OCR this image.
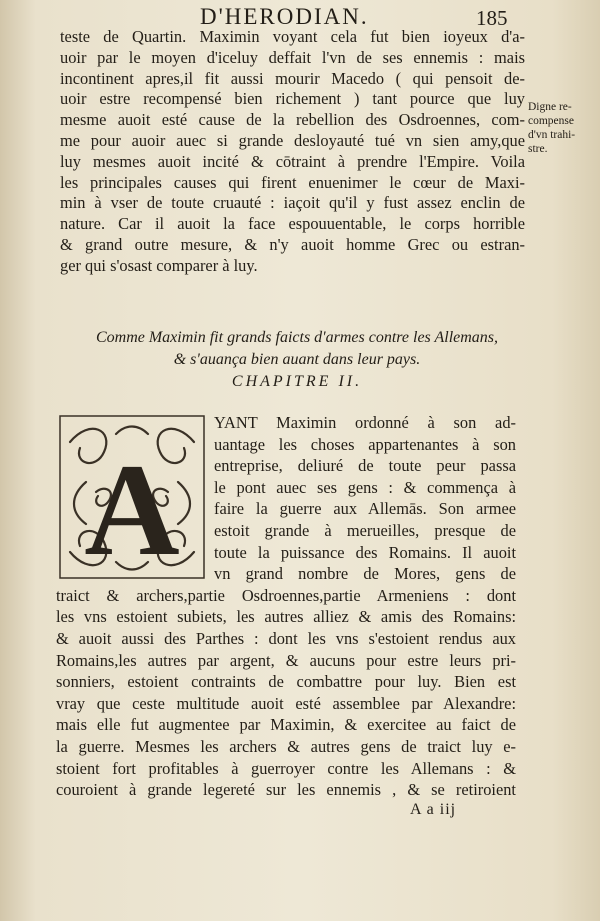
D'HERODIAN.	185
teste de Quartin. Maximin voyant cela fut bien ioyeux d'a-
uoir par le moyen d'iceluy deffait l'vn de ses ennemis : mais
incontinent apres,il fit aussi mourir Macedo ( qui pensoit de-
uoir estre recompensé bien richement ) tant pource que luy
mesme auoit esté cause de la rebellion des Osdroennes, com-
me pour auoir auec si grande desloyauté tué vn sien amy,que
luy mesmes auoit incité & cōtraint à prendre l'Empire. Voila
les principales causes qui firent enuenimer le cœur de Maxi-
min à vser de toute cruauté : iaçoit qu'il y fust assez enclin de
nature. Car il auoit la face espouuentable, le corps horrible
& grand outre mesure, & n'y auoit homme Grec ou estran-
ger qui s'osast comparer à luy.
Digne re-
compense
d'vn trahi-
stre.
Comme Maximin fit grands faicts d'armes contre les Allemans,
& s'auança bien auant dans leur pays.
CHAPITRE II.
A
YANT Maximin ordonné à son ad-
uantage les choses appartenantes à son
entreprise, deliuré de toute peur passa
le pont auec ses gens : & commença à
faire la guerre aux Allemās. Son armee
estoit grande à merueilles, presque de
toute la puissance des Romains. Il auoit
vn grand nombre de Mores, gens de
traict & archers,partie Osdroennes,partie Armeniens : dont
les vns estoient subiets, les autres alliez & amis des Romains:
& auoit aussi des Parthes : dont les vns s'estoient rendus aux
Romains,les autres par argent, & aucuns pour estre leurs pri-
sonniers, estoient contraints de combattre pour luy. Bien est
vray que ceste multitude auoit esté assemblee par Alexandre:
mais elle fut augmentee par Maximin, & exercitee au faict de
la guerre. Mesmes les archers & autres gens de traict luy e-
stoient fort profitables à guerroyer contre les Allemans : &
couroient à grande legereté sur les ennemis , & se retiroient
A a iij
